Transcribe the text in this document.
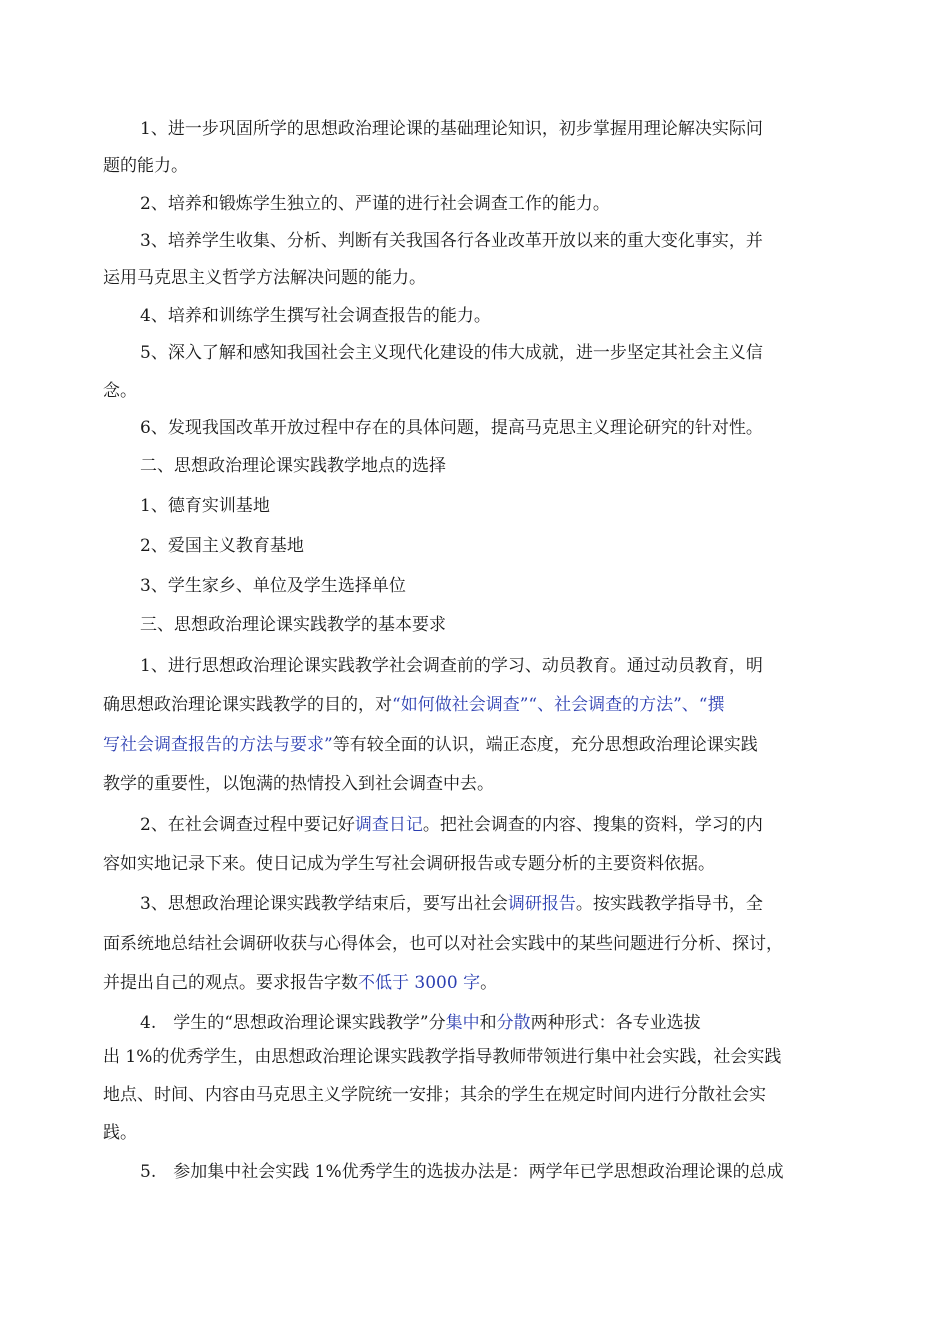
1、进一步巩固所学的思想政治理论课的基础理论知识，初步掌握用理论解决实际问
题的能力。
2、培养和锻炼学生独立的、严谨的进行社会调查工作的能力。
3、培养学生收集、分析、判断有关我国各行各业改革开放以来的重大变化事实，并
运用马克思主义哲学方法解决问题的能力。
4、培养和训练学生撰写社会调查报告的能力。
5、深入了解和感知我国社会主义现代化建设的伟大成就，进一步坚定其社会主义信
念。
6、发现我国改革开放过程中存在的具体问题，提高马克思主义理论研究的针对性。
二、思想政治理论课实践教学地点的选择
1、德育实训基地
2、爱国主义教育基地
3、学生家乡、单位及学生选择单位
三、思想政治理论课实践教学的基本要求
1、进行思想政治理论课实践教学社会调查前的学习、动员教育。通过动员教育，明
确思想政治理论课实践教学的目的，对“如何做社会调查”“、社会调查的方法”、“撰
写社会调查报告的方法与要求”等有较全面的认识，端正态度，充分思想政治理论课实践
教学的重要性，以饱满的热情投入到社会调查中去。
2、在社会调查过程中要记好调查日记。把社会调查的内容、搜集的资料，学习的内
容如实地记录下来。使日记成为学生写社会调研报告或专题分析的主要资料依据。
3、思想政治理论课实践教学结束后，要写出社会调研报告。按实践教学指导书，全
面系统地总结社会调研收获与心得体会，也可以对社会实践中的某些问题进行分析、探讨，
并提出自己的观点。要求报告字数不低于 3000 字。
4.　学生的“思想政治理论课实践教学”分集中和分散两种形式：各专业选拔
出 1%的优秀学生，由思想政治理论课实践教学指导教师带领进行集中社会实践，社会实践
地点、时间、内容由马克思主义学院统一安排；其余的学生在规定时间内进行分散社会实
践。
5.　参加集中社会实践 1%优秀学生的选拔办法是：两学年已学思想政治理论课的总成
